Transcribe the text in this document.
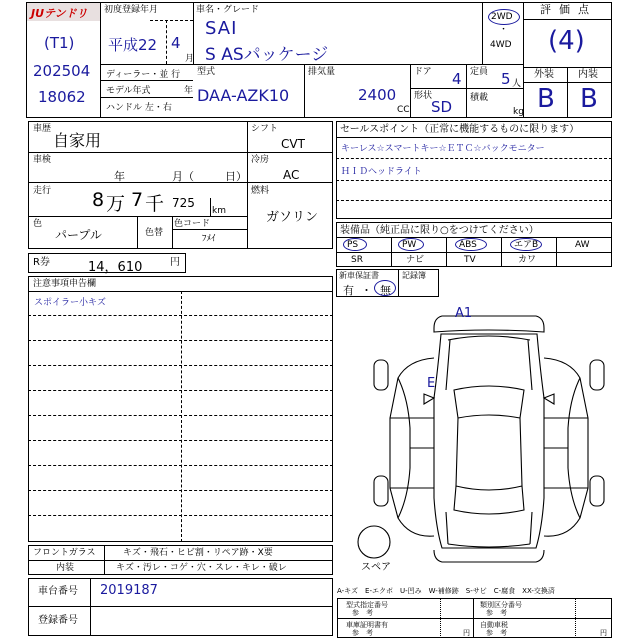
JUテンドリ
(T1)
202504
18062
初度登録年月
平成22 4
月
車名・グレード
SAI
S ASパッケージ
2WD
・
4WD
評価点
(4)
ディーラー・並 行
モデル年式	年
ハンドル 左・右
型式
DAA-AZK10
排気量
2400
CC
ドア 4
形状
SD
定員 5 人
積載
kg
外装 内装
B B
車歴
自家用
車検
年	月（	日）
走行 8 万 7 千 725
km
色
パープル	色替
色コード
ﾌﾒｲ
シフト
CVT
冷房
AC
燃料
ガソリン
R券	14，610	円
セールスポイント（正常に機能するものに限ります）
キーレス☆スマートキー☆ＥＴＣ☆バックモニター
ＨＩＤヘッドライト
装備品（純正品に限り○をつけてください）
PS	PW	ABS	エアB	AW
SR	ナビ	TV	カワ
新車保証書	記録簿
有 ・ 無
注意事項申告欄
スポイラー小キズ
A1
E
スペア
フロントガラス	キズ・飛石・ヒビ割・リペア跡・X要
内装	キズ・汚レ・コゲ・穴・スレ・キレ・破レ
車台番号 2019187
登録番号
A-キズ　E-エクボ　U-凹み　W-補修跡　S-サビ　C-腐食　XX-交換済
型式指定番号
参　考
類別区分番号
参　考
車庫証明書有
参　考
自動車税
参　考
円	円
